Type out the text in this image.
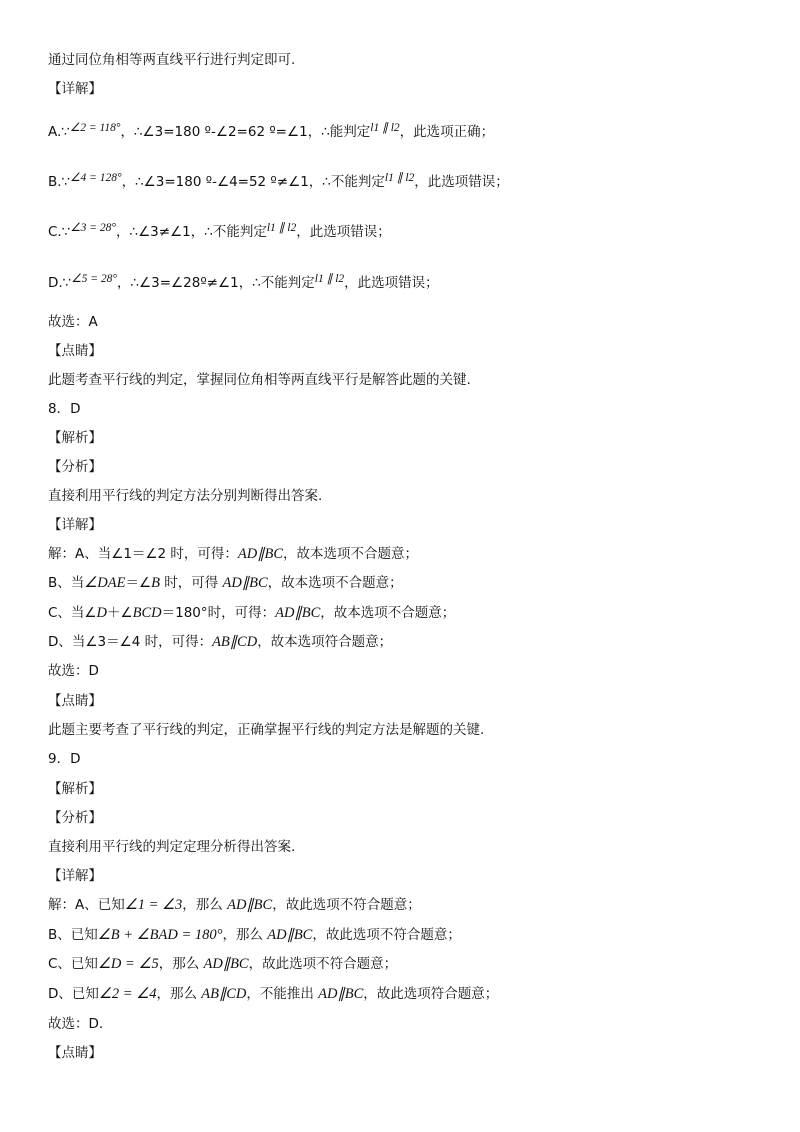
通过同位角相等两直线平行进行判定即可.
【详解】
A.∵∠2 = 118°，∴∠3=180 º-∠2=62 º=∠1，∴能判定l1 ∥ l2，此选项正确；
B.∵∠4 = 128°，∴∠3=180 º-∠4=52 º≠∠1，∴不能判定l1 ∥ l2，此选项错误；
C.∵∠3 = 28°，∴∠3≠∠1，∴不能判定l1 ∥ l2，此选项错误；
D.∵∠5 = 28°，∴∠3=∠28º≠∠1，∴不能判定l1 ∥ l2，此选项错误；
故选：A
【点睛】
此题考查平行线的判定，掌握同位角相等两直线平行是解答此题的关键.
8．D
【解析】
【分析】
直接利用平行线的判定方法分别判断得出答案.
【详解】
解：A、当∠1＝∠2 时，可得：AD∥BC，故本选项不合题意；
B、当∠DAE＝∠B 时，可得 AD∥BC，故本选项不合题意；
C、当∠D＋∠BCD＝180°时，可得：AD∥BC，故本选项不合题意；
D、当∠3＝∠4 时，可得：AB∥CD，故本选项符合题意；
故选：D
【点睛】
此题主要考查了平行线的判定，正确掌握平行线的判定方法是解题的关键.
9．D
【解析】
【分析】
直接利用平行线的判定定理分析得出答案.
【详解】
解：A、已知∠1 = ∠3，那么 AD∥BC，故此选项不符合题意；
B、已知∠B + ∠BAD = 180°，那么 AD∥BC，故此选项不符合题意；
C、已知∠D = ∠5，那么 AD∥BC，故此选项不符合题意；
D、已知∠2 = ∠4，那么 AB∥CD，不能推出 AD∥BC，故此选项符合题意；
故选：D.
【点睛】
